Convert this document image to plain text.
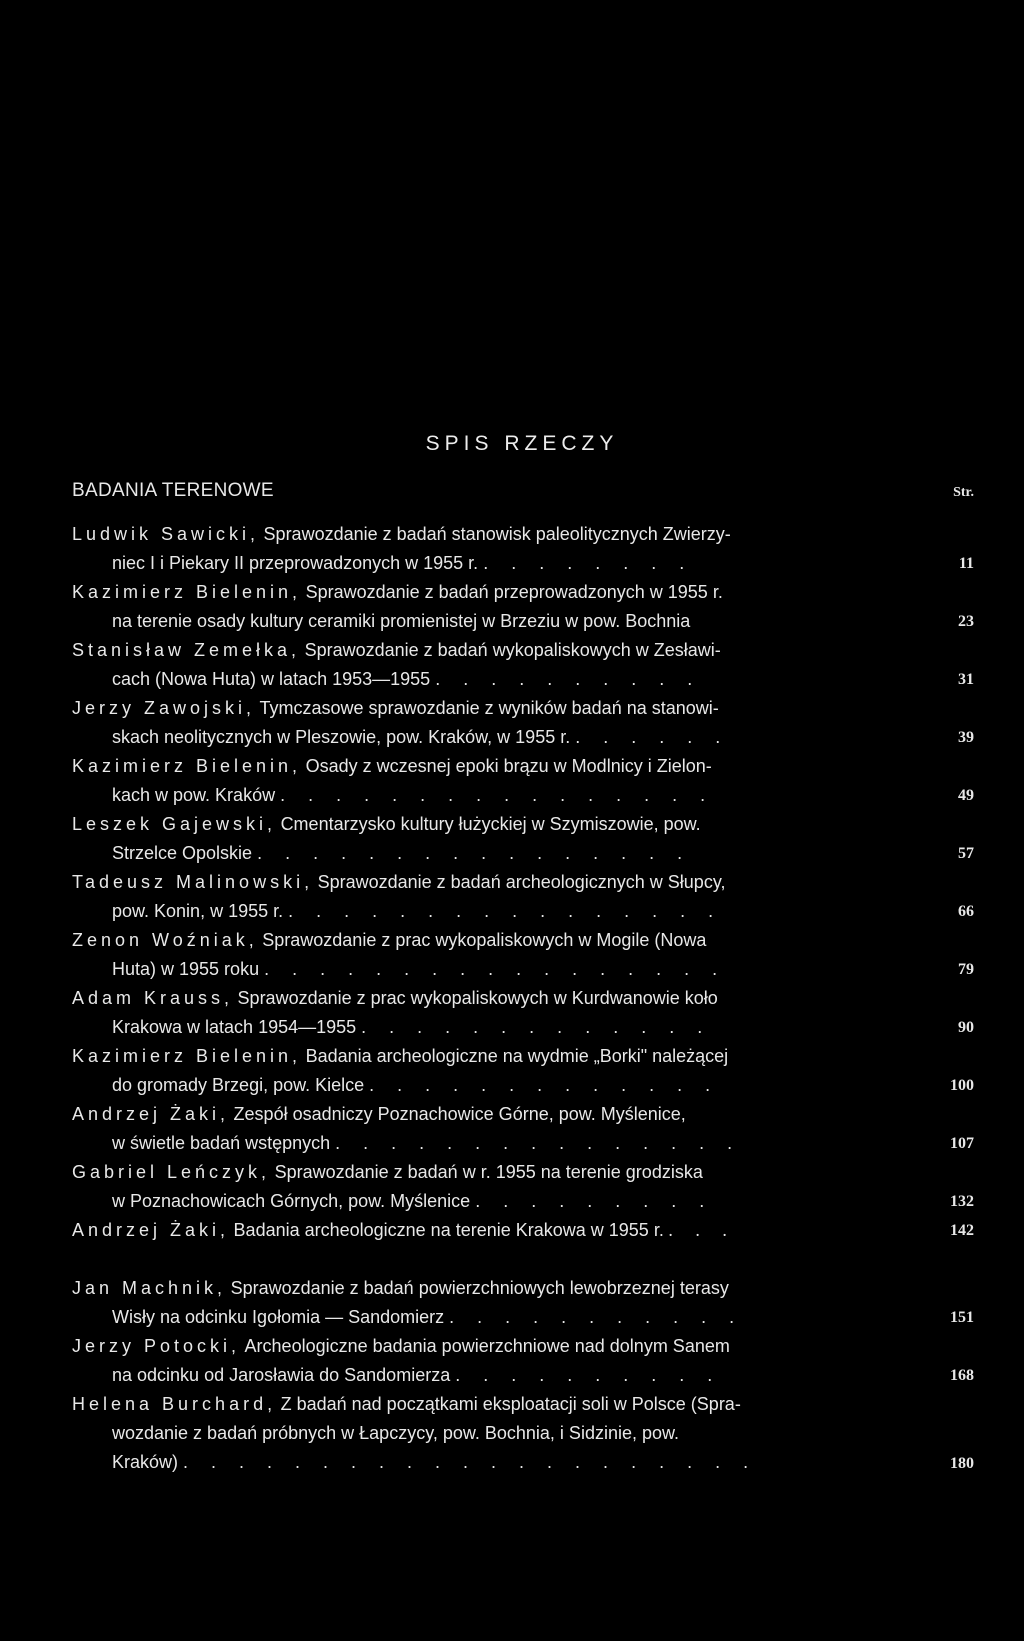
SPIS RZECZY
BADANIA TERENOWE	Str.
Ludwik Sawicki, Sprawozdanie z badań stanowisk paleolitycznych Zwierzy-
niec I i Piekary II przeprowadzonych w 1955 r. . . . . . . . .	11
Kazimierz Bielenin, Sprawozdanie z badań przeprowadzonych w 1955 r.
na terenie osady kultury ceramiki promienistej w Brzeziu w pow. Bochnia	23
Stanisław Zemełka, Sprawozdanie z badań wykopaliskowych w Zesławi-
cach (Nowa Huta) w latach 1953—1955 . . . . . . . . . .	31
Jerzy Zawojski, Tymczasowe sprawozdanie z wyników badań na stanowi-
skach neolitycznych w Pleszowie, pow. Kraków, w 1955 r. . . . . . .	39
Kazimierz Bielenin, Osady z wczesnej epoki brązu w Modlnicy i Zielon-
kach w pow. Kraków . . . . . . . . . . . . . . . .	49
Leszek Gajewski, Cmentarzysko kultury łużyckiej w Szymiszowie, pow.
Strzelce Opolskie . . . . . . . . . . . . . . . .	57
Tadeusz Malinowski, Sprawozdanie z badań archeologicznych w Słupcy,
pow. Konin, w 1955 r. . . . . . . . . . . . . . . . .	66
Zenon Woźniak, Sprawozdanie z prac wykopaliskowych w Mogile (Nowa
Huta) w 1955 roku . . . . . . . . . . . . . . . . .	79
Adam Krauss, Sprawozdanie z prac wykopaliskowych w Kurdwanowie koło
Krakowa w latach 1954—1955 . . . . . . . . . . . . .	90
Kazimierz Bielenin, Badania archeologiczne na wydmie „Borki" należącej
do gromady Brzegi, pow. Kielce . . . . . . . . . . . . .	100
Andrzej Żaki, Zespół osadniczy Poznachowice Górne, pow. Myślenice,
w świetle badań wstępnych . . . . . . . . . . . . . . .	107
Gabriel Leńczyk, Sprawozdanie z badań w r. 1955 na terenie grodziska
w Poznachowicach Górnych, pow. Myślenice . . . . . . . . .	132
Andrzej Żaki, Badania archeologiczne na terenie Krakowa w 1955 r. . . .	142
Jan Machnik, Sprawozdanie z badań powierzchniowych lewobrzeznej terasy
Wisły na odcinku Igołomia — Sandomierz . . . . . . . . . . .	151
Jerzy Potocki, Archeologiczne badania powierzchniowe nad dolnym Sanem
na odcinku od Jarosławia do Sandomierza . . . . . . . . . .	168
Helena Burchard, Z badań nad początkami eksploatacji soli w Polsce (Spra-
wozdanie z badań próbnych w Łapczycy, pow. Bochnia, i Sidzinie, pow.
Kraków) . . . . . . . . . . . . . . . . . . . . .	180
